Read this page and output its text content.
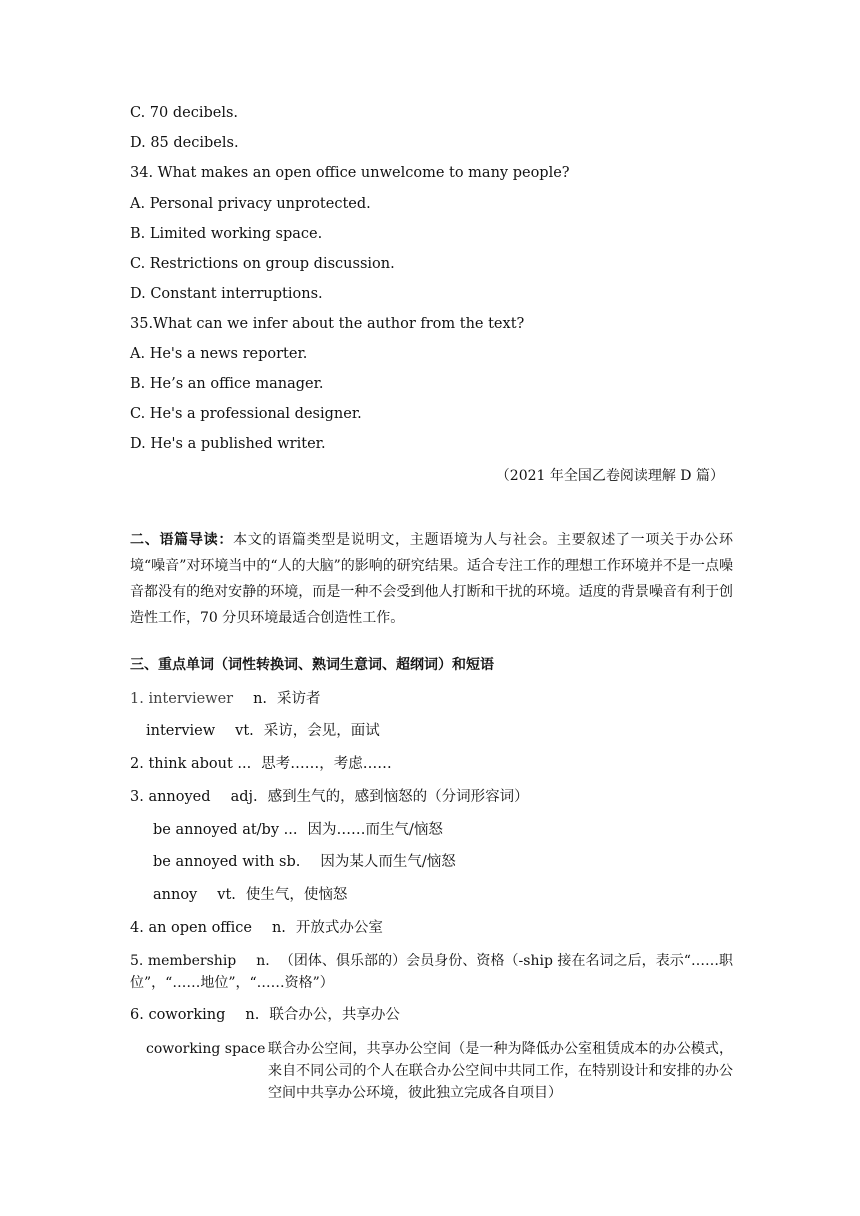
C. 70 decibels.
D. 85 decibels.
34. What makes an open office unwelcome to many people?
A. Personal privacy unprotected.
B. Limited working space.
C. Restrictions on group discussion.
D. Constant interruptions.
35.What can we infer about the author from the text?
A. He's a news reporter.
B. He’s an office manager.
C. He's a professional designer.
D. He's a published writer.
（2021 年全国乙卷阅读理解 D 篇）
二、语篇导读：本文的语篇类型是说明文，主题语境为人与社会。主要叙述了一项关于办公环境“噪音”对环境当中的“人的大脑”的影响的研究结果。适合专注工作的理想工作环境并不是一点噪音都没有的绝对安静的环境，而是一种不会受到他人打断和干扰的环境。适度的背景噪音有利于创造性工作，70 分贝环境最适合创造性工作。
三、重点单词（词性转换词、熟词生意词、超纲词）和短语
1. interviewer n. 采访者
interview vt. 采访，会见，面试
2. think about ... 思考……，考虑……
3. annoyed adj. 感到生气的，感到恼怒的（分词形容词）
be annoyed at/by ... 因为……而生气/恼怒
be annoyed with sb. 因为某人而生气/恼怒
annoy vt. 使生气，使恼怒
4. an open office n. 开放式办公室
5. membership n. （团体、俱乐部的）会员身份、资格（-ship 接在名词之后，表示“……职位”，“……地位”，“……资格”）
6. coworking n. 联合办公，共享办公
coworking space 联合办公空间，共享办公空间（是一种为降低办公室租赁成本的办公模式，来自不同公司的个人在联合办公空间中共同工作，在特别设计和安排的办公空间中共享办公环境，彼此独立完成各自项目）
